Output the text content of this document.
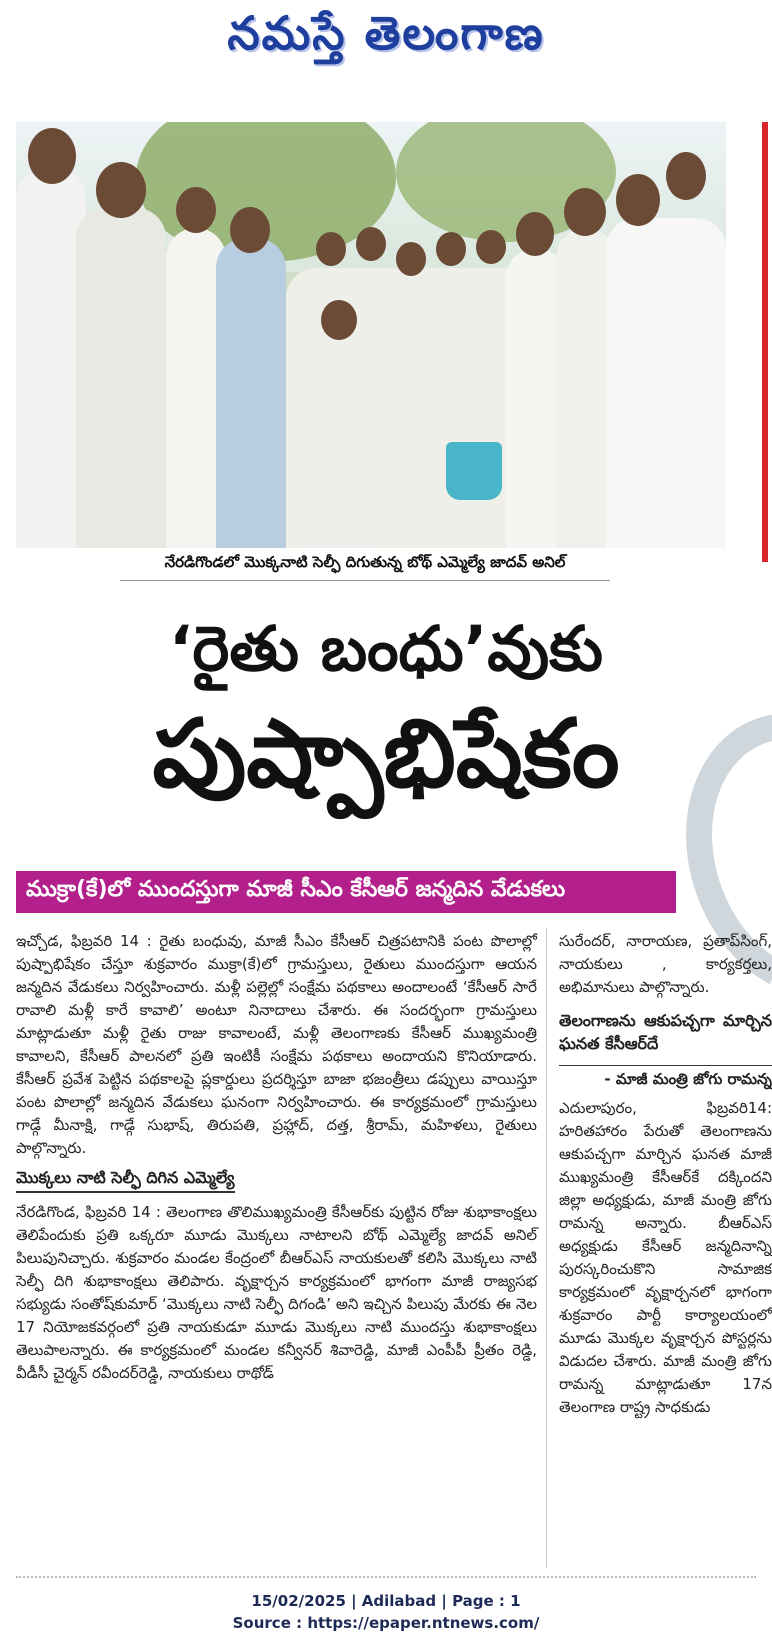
నమస్తే తెలంగాణ
నేరడిగొండలో మొక్కనాటి సెల్ఫీ దిగుతున్న బోథ్ ఎమ్మెల్యే జాదవ్ అనిల్
‘రైతు బంధు’వుకు
పుష్పాభిషేకం
ముక్రా(కే)లో ముందస్తుగా మాజీ సీఎం కేసీఆర్ జన్మదిన వేడుకలు

ఇచ్చోడ, ఫిబ్రవరి 14 : రైతు బంధువు, మాజీ సీఎం కేసీఆర్ చిత్రపటానికి పంట పొలాల్లో పుష్పాభిషేకం చేస్తూ శుక్రవారం ముక్రా(కే)లో గ్రామస్తులు, రైతులు ముందస్తుగా ఆయన జన్మదిన వేడుకలు నిర్వహించారు. మళ్లీ పల్లెల్లో సంక్షేమ పథకాలు అందాలంటే ‘కేసీఆర్ సారే రావాలి మళ్లీ కారే కావాలి’ అంటూ నినాదాలు చేశారు. ఈ సందర్భంగా గ్రామస్తులు మాట్లాడుతూ మళ్లీ రైతు రాజు కావాలంటే, మళ్లీ తెలంగాణకు కేసీఆర్ ముఖ్యమంత్రి కావాలని, కేసీఆర్ పాలనలో ప్రతి ఇంటికీ సంక్షేమ పథకాలు అందాయని కొనియాడారు. కేసీఆర్ ప్రవేశ పెట్టిన పథకాలపై ప్లకార్డులు ప్రదర్శిస్తూ బాజా భజంత్రీలు డప్పులు వాయిస్తూ పంట పొలాల్లో జన్మదిన వేడుకలు ఘనంగా నిర్వహించారు. ఈ కార్యక్రమంలో గ్రామస్తులు గాడ్గే మీనాక్షి, గాడ్గే సుభాష్, తిరుపతి, ప్రహ్లాద్, దత్త, శ్రీరామ్, మహిళలు, రైతులు పాల్గొన్నారు.

మొక్కలు నాటి సెల్ఫీ దిగిన ఎమ్మెల్యే

నేరడిగొండ, ఫిబ్రవరి 14 : తెలంగాణ తొలిముఖ్యమంత్రి కేసీఆర్‌కు పుట్టిన రోజు శుభాకాంక్షలు తెలిపేందుకు ప్రతి ఒక్కరూ మూడు మొక్కలు నాటాలని బోథ్ ఎమ్మెల్యే జాదవ్ అనిల్ పిలుపునిచ్చారు. శుక్రవారం మండల కేంద్రంలో బీఆర్ఎస్ నాయకులతో కలిసి మొక్కలు నాటి సెల్ఫీ దిగి శుభాకాంక్షలు తెలిపారు. వృక్షార్చన కార్యక్రమంలో భాగంగా మాజీ రాజ్యసభ సభ్యుడు సంతోష్‌కుమార్ ‘మొక్కలు నాటి సెల్ఫీ దిగండి’ అని ఇచ్చిన పిలుపు మేరకు ఈ నెల 17 నియోజకవర్గంలో ప్రతి నాయకుడూ మూడు మొక్కలు నాటి ముందస్తు శుభాకాంక్షలు తెలుపాలన్నారు. ఈ కార్యక్రమంలో మండల కన్వీనర్ శివారెడ్డి, మాజీ ఎంపీపీ ప్రీతం రెడ్డి, వీడీసీ చైర్మన్ రవీందర్‌రెడ్డి, నాయకులు రాథోడ్

సురేందర్, నారాయణ, ప్రతాప్‌సింగ్, నాయకులు , కార్యకర్తలు, అభిమానులు పాల్గొన్నారు.

తెలంగాణను ఆకుపచ్చగా మార్చిన ఘనత కేసీఆర్‌దే

- మాజీ మంత్రి జోగు రామన్న

ఎదులాపురం, ఫిబ్రవరి14: హరితహారం పేరుతో తెలంగాణను ఆకుపచ్చగా మార్చిన ఘనత మాజీ ముఖ్యమంత్రి కేసీఆర్‌కే దక్కిందని జిల్లా అధ్యక్షుడు, మాజీ మంత్రి జోగు రామన్న అన్నారు. బీఆర్ఎస్ అధ్యక్షుడు కేసీఆర్ జన్మదినాన్ని పురస్కరించుకొని సామాజిక కార్యక్రమంలో వృక్షార్చనలో భాగంగా శుక్రవారం పార్టీ కార్యాలయంలో మూడు మొక్కల వృక్షార్చన పోస్టర్లను విడుదల చేశారు. మాజీ మంత్రి జోగు రామన్న మాట్లాడుతూ 17న తెలంగాణ రాష్ట్ర సాధకుడు

15/02/2025 | Adilabad | Page : 1
Source : https://epaper.ntnews.com/
